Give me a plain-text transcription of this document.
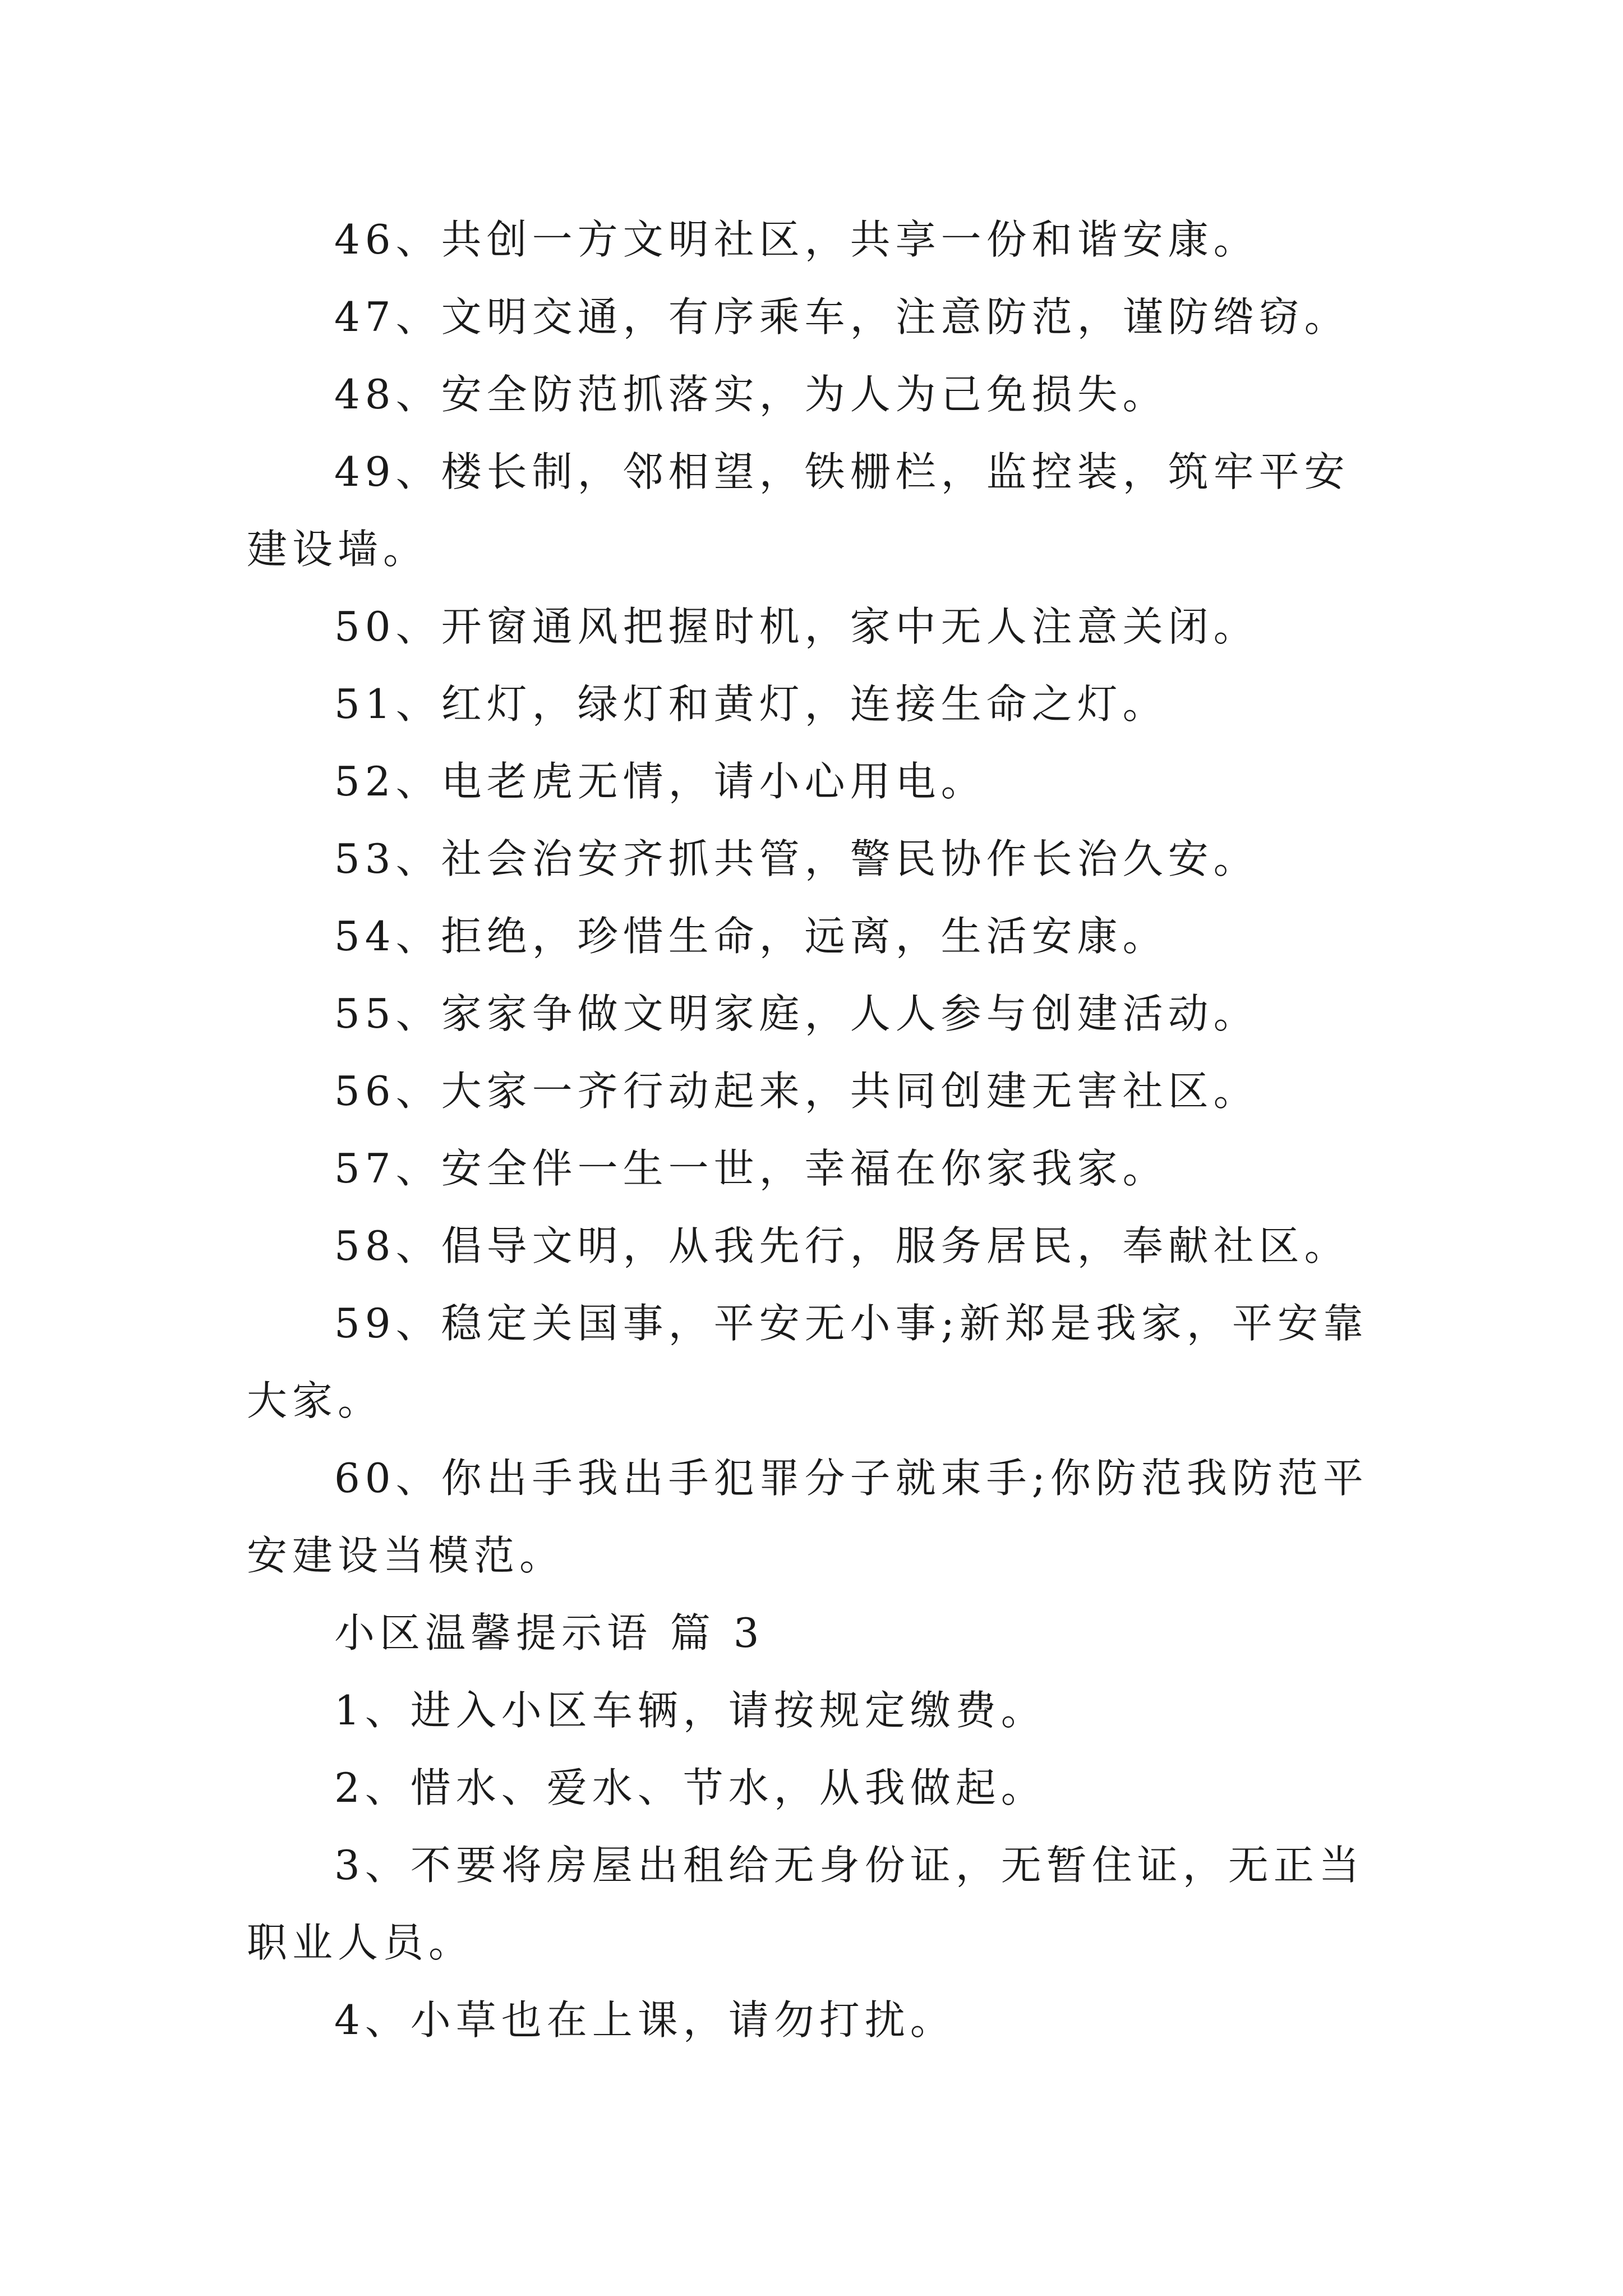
46、共创一方文明社区，共享一份和谐安康。

47、文明交通，有序乘车，注意防范，谨防绺窃。

48、安全防范抓落实，为人为己免损失。

49、楼长制，邻相望，铁栅栏，监控装，筑牢平安建设墙。

50、开窗通风把握时机，家中无人注意关闭。

51、红灯，绿灯和黄灯，连接生命之灯。

52、电老虎无情，请小心用电。

53、社会治安齐抓共管，警民协作长治久安。

54、拒绝，珍惜生命，远离，生活安康。

55、家家争做文明家庭，人人参与创建活动。

56、大家一齐行动起来，共同创建无害社区。

57、安全伴一生一世，幸福在你家我家。

58、倡导文明，从我先行，服务居民，奉献社区。

59、稳定关国事，平安无小事;新郑是我家，平安靠大家。

60、你出手我出手犯罪分子就束手;你防范我防范平安建设当模范。

小区温馨提示语 篇 3

1、进入小区车辆，请按规定缴费。

2、惜水、爱水、节水，从我做起。

3、不要将房屋出租给无身份证，无暂住证，无正当职业人员。

4、小草也在上课，请勿打扰。
